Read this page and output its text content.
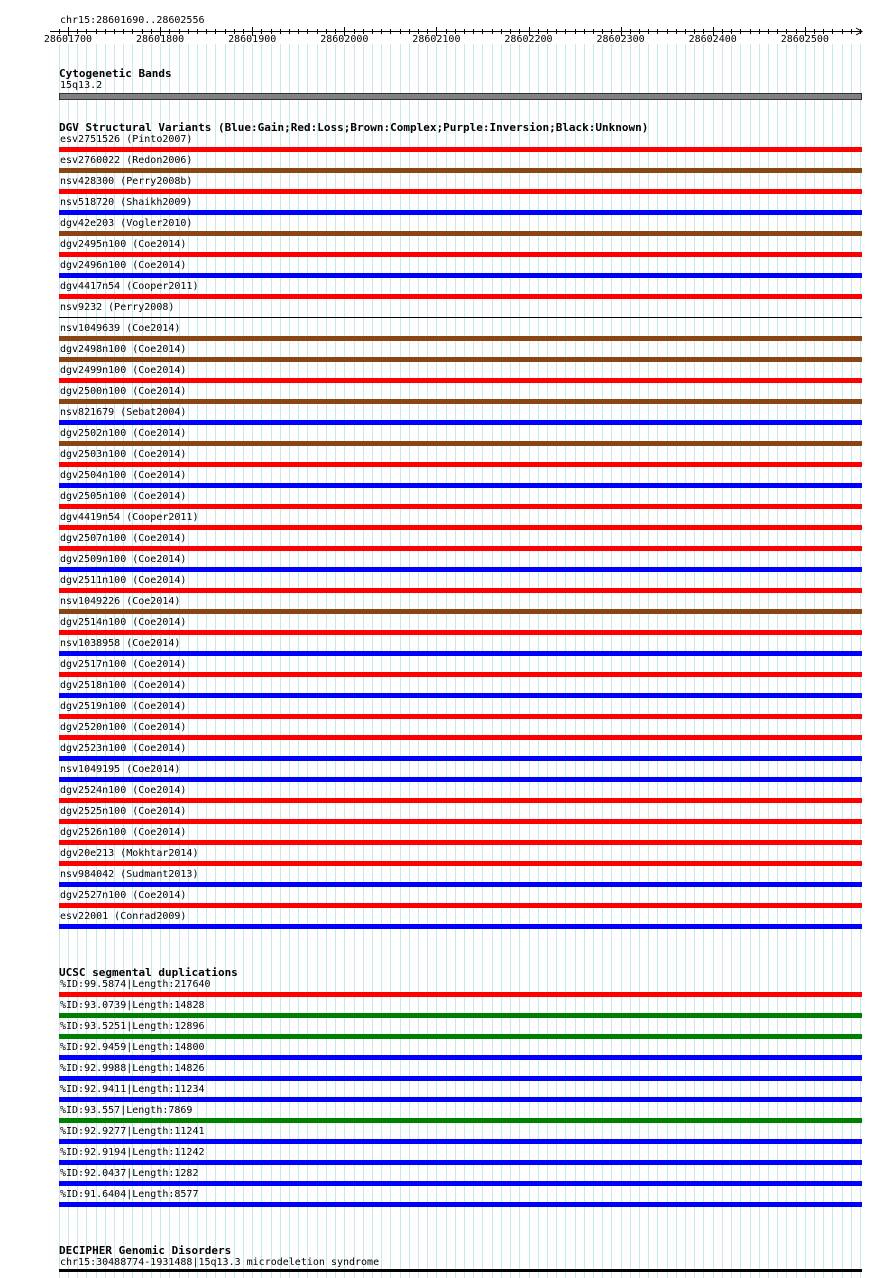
chr15:28601690..28602556
28601700	28601800	28601900	28602000	28602100	28602200	28602300	28602400	28602500
Cytogenetic Bands
15q13.2
DGV Structural Variants (Blue:Gain;Red:Loss;Brown:Complex;Purple:Inversion;Black:Unknown)
esv2751526 (Pinto2007)
esv2760022 (Redon2006)
nsv428300 (Perry2008b)
nsv518720 (Shaikh2009)
dgv42e203 (Vogler2010)
dgv2495n100 (Coe2014)
dgv2496n100 (Coe2014)
dgv4417n54 (Cooper2011)
nsv9232 (Perry2008)
nsv1049639 (Coe2014)
dgv2498n100 (Coe2014)
dgv2499n100 (Coe2014)
dgv2500n100 (Coe2014)
nsv821679 (Sebat2004)
dgv2502n100 (Coe2014)
dgv2503n100 (Coe2014)
dgv2504n100 (Coe2014)
dgv2505n100 (Coe2014)
dgv4419n54 (Cooper2011)
dgv2507n100 (Coe2014)
dgv2509n100 (Coe2014)
dgv2511n100 (Coe2014)
nsv1049226 (Coe2014)
dgv2514n100 (Coe2014)
nsv1038958 (Coe2014)
dgv2517n100 (Coe2014)
dgv2518n100 (Coe2014)
dgv2519n100 (Coe2014)
dgv2520n100 (Coe2014)
dgv2523n100 (Coe2014)
nsv1049195 (Coe2014)
dgv2524n100 (Coe2014)
dgv2525n100 (Coe2014)
dgv2526n100 (Coe2014)
dgv20e213 (Mokhtar2014)
nsv984042 (Sudmant2013)
dgv2527n100 (Coe2014)
esv22001 (Conrad2009)
UCSC segmental duplications
%ID:99.5874|Length:217640
%ID:93.0739|Length:14828
%ID:93.5251|Length:12896
%ID:92.9459|Length:14800
%ID:92.9988|Length:14826
%ID:92.9411|Length:11234
%ID:93.557|Length:7869
%ID:92.9277|Length:11241
%ID:92.9194|Length:11242
%ID:92.0437|Length:1282
%ID:91.6404|Length:8577
DECIPHER Genomic Disorders
chr15:30488774-1931488|15q13.3 microdeletion syndrome
